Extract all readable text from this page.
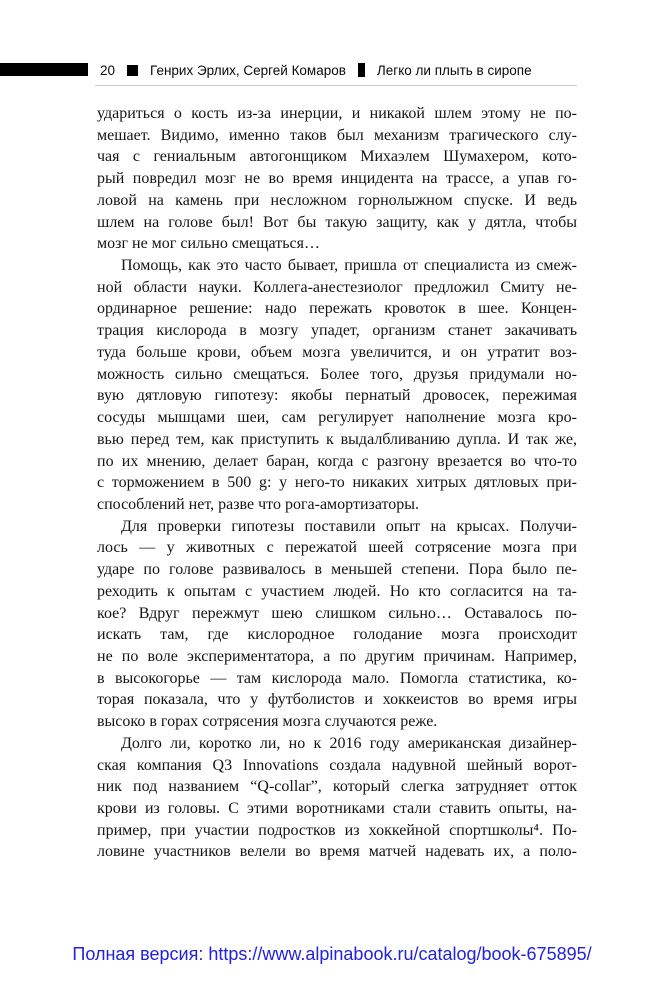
20	Генрих Эрлих, Сергей Комаров Легко ли плыть в сиропе
удариться о кость из-за инерции, и никакой шлем этому не по-
мешает. Видимо, именно таков был механизм трагического слу-
чая с гениальным автогонщиком Михаэлем Шумахером, кото-
рый повредил мозг не во время инцидента на трассе, а упав го-
ловой на камень при несложном горнолыжном спуске. И ведь
шлем на голове был! Вот бы такую защиту, как у дятла, чтобы
мозг не мог сильно смещаться…
Помощь, как это часто бывает, пришла от специалиста из смеж-
ной области науки. Коллега-анестезиолог предложил Смиту не-
ординарное решение: надо пережать кровоток в шее. Концен-
трация кислорода в мозгу упадет, организм станет закачивать
туда больше крови, объем мозга увеличится, и он утратит воз-
можность сильно смещаться. Более того, друзья придумали но-
вую дятловую гипотезу: якобы пернатый дровосек, пережимая
сосуды мышцами шеи, сам регулирует наполнение мозга кро-
вью перед тем, как приступить к выдалбливанию дупла. И так же,
по их мнению, делает баран, когда с разгону врезается во что-то
с торможением в 500 g: у него-то никаких хитрых дятловых при-
способлений нет, разве что рога-амортизаторы.
Для проверки гипотезы поставили опыт на крысах. Получи-
лось — у животных с пережатой шеей сотрясение мозга при
ударе по голове развивалось в меньшей степени. Пора было пе-
реходить к опытам с участием людей. Но кто согласится на та-
кое? Вдруг пережмут шею слишком сильно… Оставалось по-
искать там, где кислородное голодание мозга происходит
не по воле экспериментатора, а по другим причинам. Например,
в высокогорье — там кислорода мало. Помогла статистика, ко-
торая показала, что у футболистов и хоккеистов во время игры
высоко в горах сотрясения мозга случаются реже.
Долго ли, коротко ли, но к 2016 году американская дизайнер-
ская компания Q3 Innovations создала надувной шейный ворот-
ник под названием “Q-collar”, который слегка затрудняет отток
крови из головы. С этими воротниками стали ставить опыты, на-
пример, при участии подростков из хоккейной спортшколы⁴. По-
ловине участников велели во время матчей надевать их, а поло-
Полная версия: https://www.alpinabook.ru/catalog/book-675895/
